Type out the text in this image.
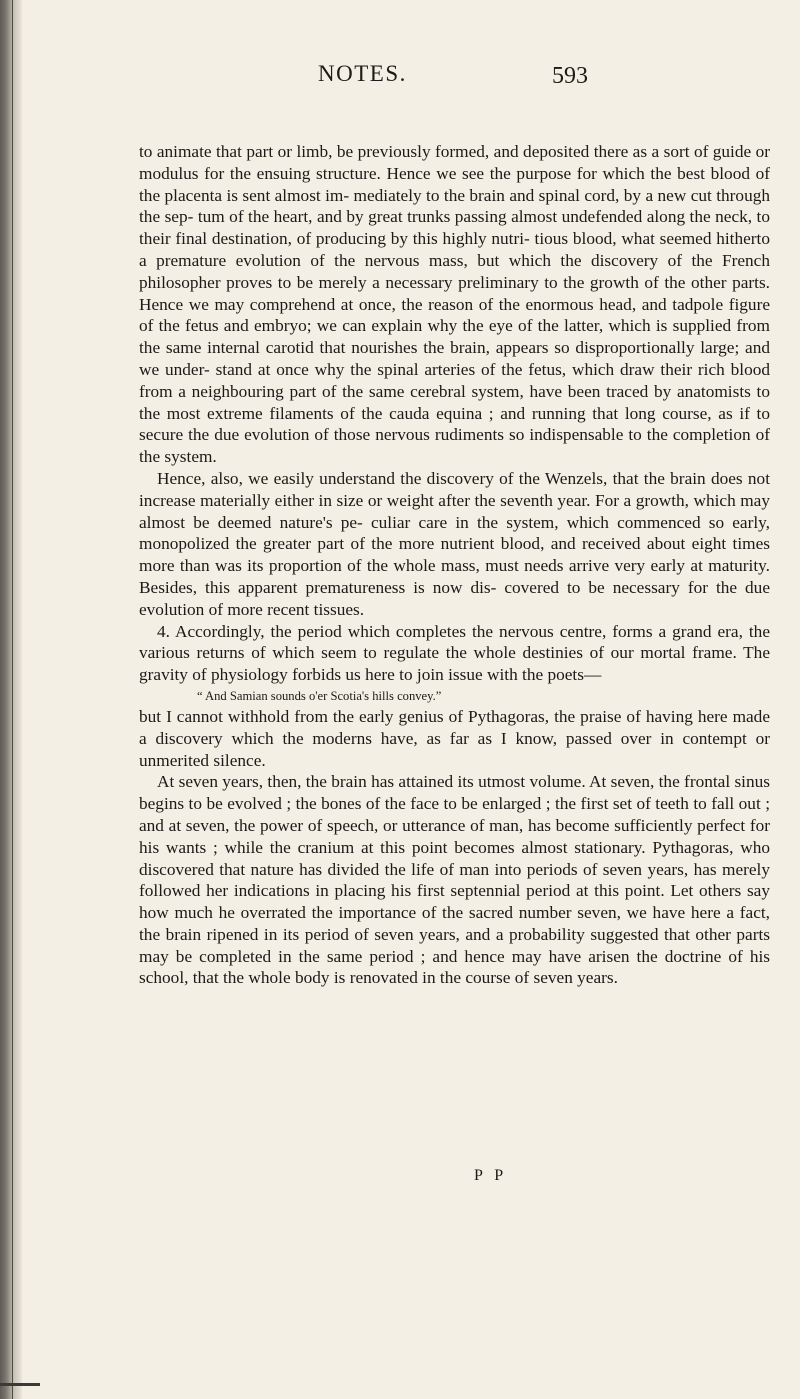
NOTES.	593

to animate that part or limb, be previously formed, and deposited there as a sort of guide or modulus for the ensuing structure. Hence we see the purpose for which the best blood of the placenta is sent almost im- mediately to the brain and spinal cord, by a new cut through the sep- tum of the heart, and by great trunks passing almost undefended along the neck, to their final destination, of producing by this highly nutri- tious blood, what seemed hitherto a premature evolution of the nervous mass, but which the discovery of the French philosopher proves to be merely a necessary preliminary to the growth of the other parts. Hence we may comprehend at once, the reason of the enormous head, and tadpole figure of the fetus and embryo; we can explain why the eye of the latter, which is supplied from the same internal carotid that nourishes the brain, appears so disproportionally large; and we under- stand at once why the spinal arteries of the fetus, which draw their rich blood from a neighbouring part of the same cerebral system, have been traced by anatomists to the most extreme filaments of the cauda equina ; and running that long course, as if to secure the due evolution of those nervous rudiments so indispensable to the completion of the system.

Hence, also, we easily understand the discovery of the Wenzels, that the brain does not increase materially either in size or weight after the seventh year. For a growth, which may almost be deemed nature's pe- culiar care in the system, which commenced so early, monopolized the greater part of the more nutrient blood, and received about eight times more than was its proportion of the whole mass, must needs arrive very early at maturity. Besides, this apparent prematureness is now dis- covered to be necessary for the due evolution of more recent tissues.

4. Accordingly, the period which completes the nervous centre, forms a grand era, the various returns of which seem to regulate the whole destinies of our mortal frame. The gravity of physiology forbids us here to join issue with the poets—

“ And Samian sounds o'er Scotia's hills convey.”

but I cannot withhold from the early genius of Pythagoras, the praise of having here made a discovery which the moderns have, as far as I know, passed over in contempt or unmerited silence.

At seven years, then, the brain has attained its utmost volume. At seven, the frontal sinus begins to be evolved ; the bones of the face to be enlarged ; the first set of teeth to fall out ; and at seven, the power of speech, or utterance of man, has become sufficiently perfect for his wants ; while the cranium at this point becomes almost stationary. Pythagoras, who discovered that nature has divided the life of man into periods of seven years, has merely followed her indications in placing his first septennial period at this point. Let others say how much he overrated the importance of the sacred number seven, we have here a fact, the brain ripened in its period of seven years, and a probability suggested that other parts may be completed in the same period ; and hence may have arisen the doctrine of his school, that the whole body is renovated in the course of seven years.

P P
